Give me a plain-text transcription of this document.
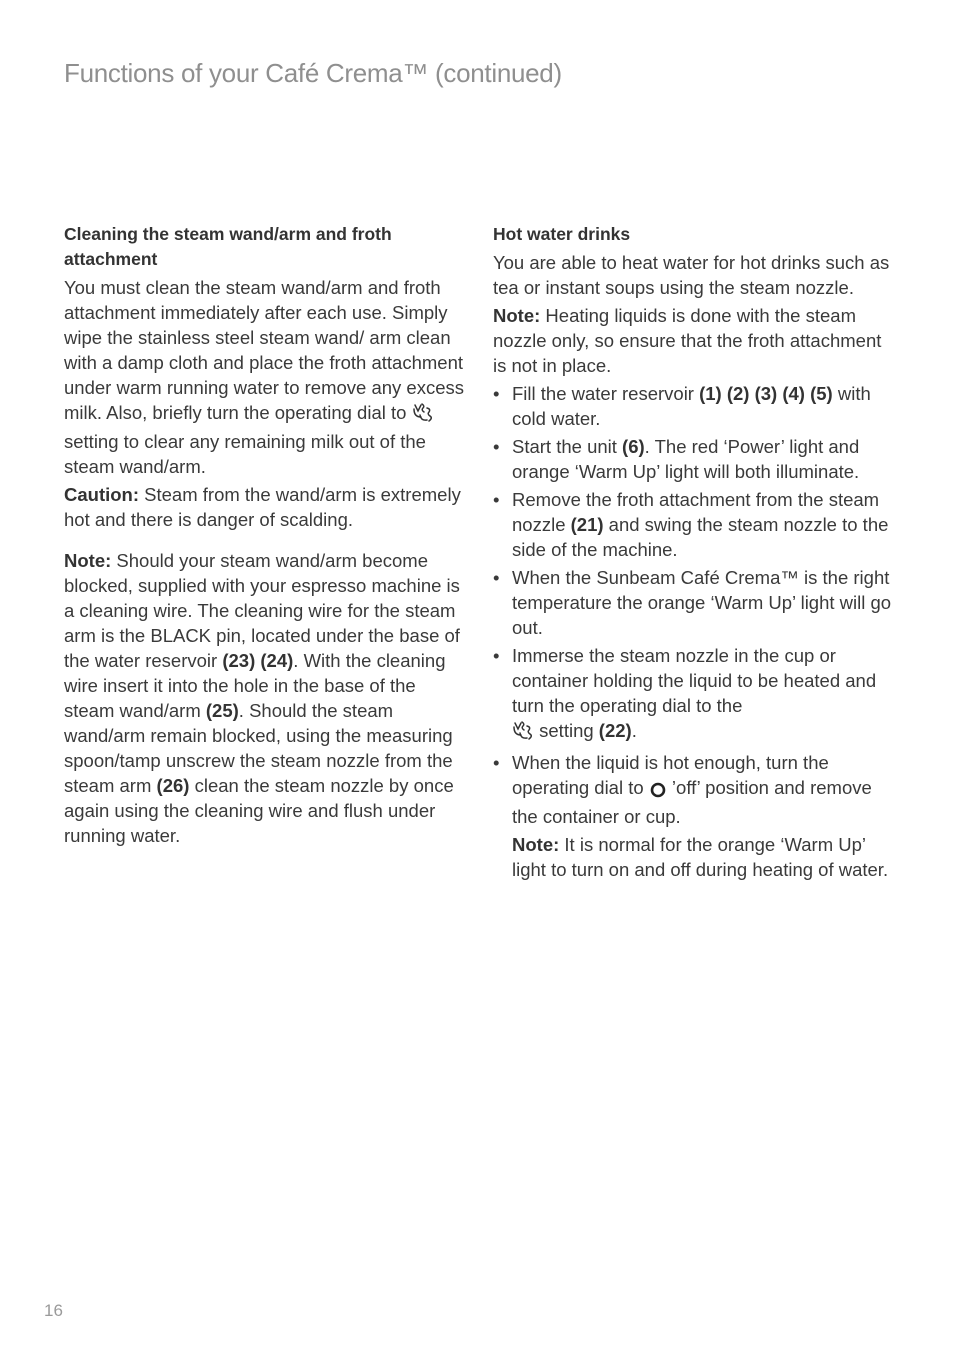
Functions of your Café Crema™ (continued)
Cleaning the steam wand/arm and froth attachment

You must clean the steam wand/arm and froth attachment immediately after each use. Simply wipe the stainless steel steam wand/ arm clean with a damp cloth and place the froth attachment under warm running water to remove any excess milk. Also, briefly turn the operating dial to  setting to clear any remaining milk out of the steam wand/arm.

Caution: Steam from the wand/arm is extremely hot and there is danger of scalding.

Note: Should your steam wand/arm become blocked, supplied with your espresso machine is a cleaning wire. The cleaning wire for the steam arm is the BLACK pin, located under the base of the water reservoir (23) (24). With the cleaning wire insert it into the hole in the base of the steam wand/arm (25). Should the steam wand/arm remain blocked, using the measuring spoon/tamp unscrew the steam nozzle from the steam arm (26) clean the steam nozzle by once again using the cleaning wire and flush under running water.

Hot water drinks

You are able to heat water for hot drinks such as tea or instant soups using the steam nozzle.

Note: Heating liquids is done with the steam nozzle only, so ensure that the froth attachment is not in place.

• Fill the water reservoir (1) (2) (3) (4) (5) with cold water.
• Start the unit (6). The red ‘Power’ light and orange ‘Warm Up’ light will both illuminate.
• Remove the froth attachment from the steam nozzle (21) and swing the steam nozzle to the side of the machine.
• When the Sunbeam Café Crema™ is the right temperature the orange ‘Warm Up’ light will go out.
• Immerse the steam nozzle in the cup or container holding the liquid to be heated and turn the operating dial to the
setting (22).
• When the liquid is hot enough, turn the operating dial to  ’off’ position and remove the container or cup.
Note: It is normal for the orange ‘Warm Up’ light to turn on and off during heating of water.
16
